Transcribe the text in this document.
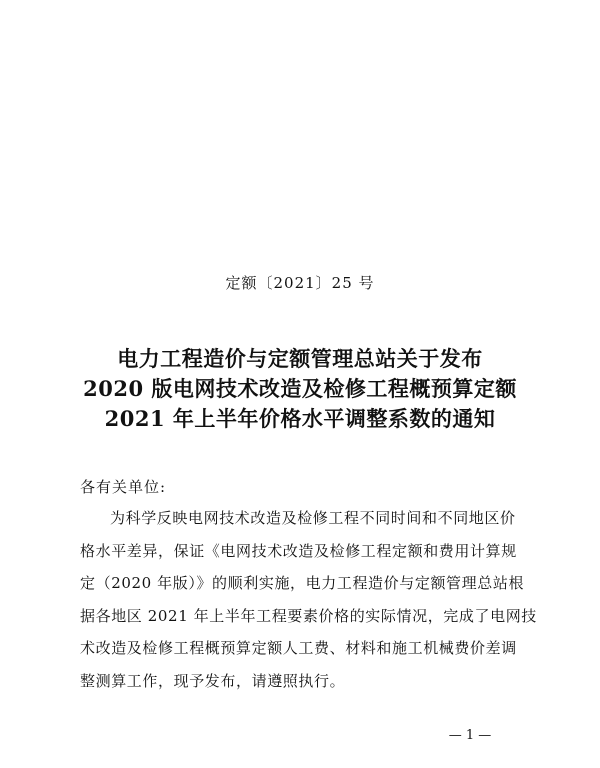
定额〔2021〕25 号
电力工程造价与定额管理总站关于发布
2020 版电网技术改造及检修工程概预算定额
2021 年上半年价格水平调整系数的通知
各有关单位:
为科学反映电网技术改造及检修工程不同时间和不同地区价
格水平差异，保证《电网技术改造及检修工程定额和费用计算规
定（2020 年版）》的顺利实施，电力工程造价与定额管理总站根
据各地区 2021 年上半年工程要素价格的实际情况，完成了电网技
术改造及检修工程概预算定额人工费、材料和施工机械费价差调
整测算工作，现予发布，请遵照执行。
— 1 —
